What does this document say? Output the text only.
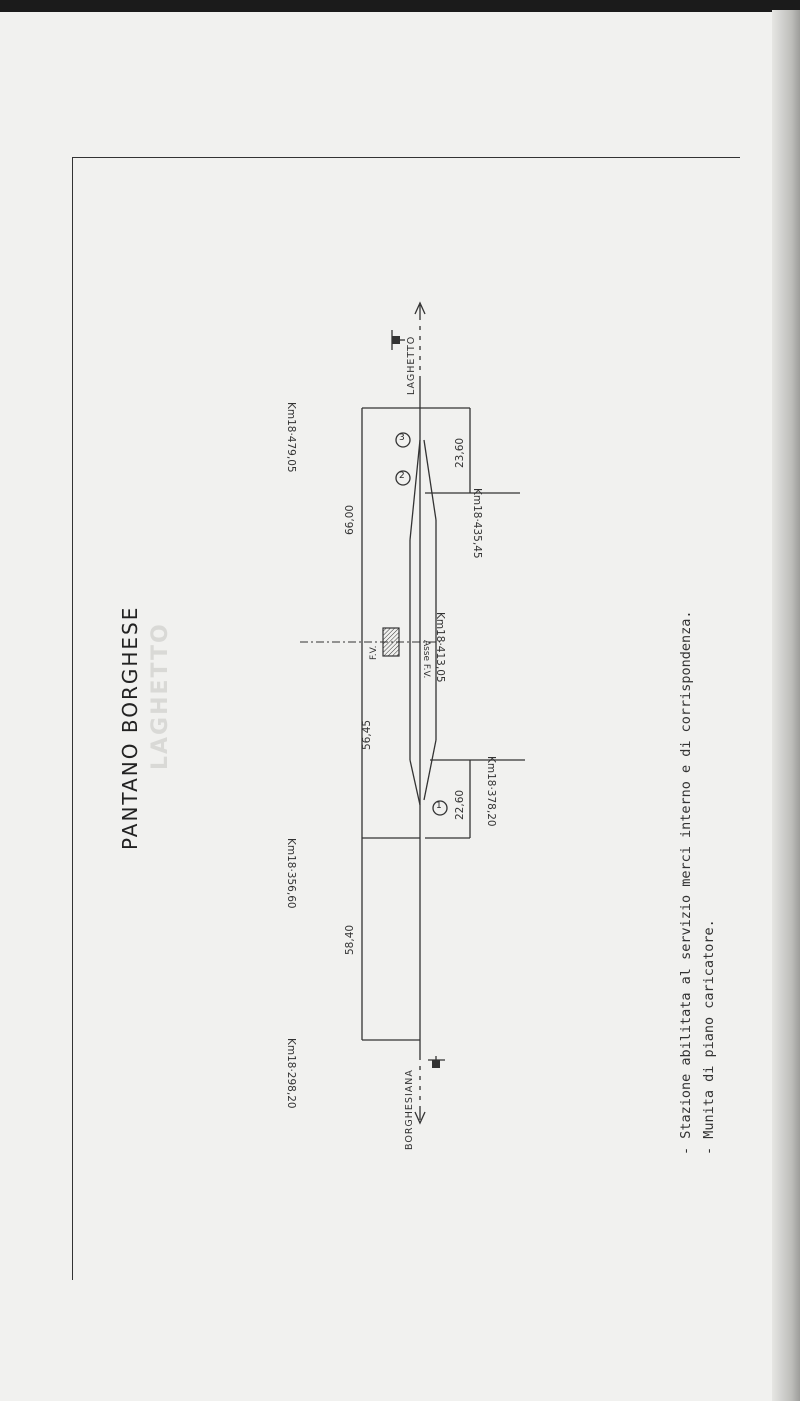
3
2
1
PANTANO BORGHESE LAGHETTO
LAGHETTO
BORGHESIANA
Km18·479,05
Km18·435,45
Km18·413,05
Km18·378,20
Km18·356,60
Km18·298,20
Asse F.V.
F.V.
23,60
66,00
56,45
22,60
58,40	- Stazione abilitata al servizio merci interno e di corrispondenza. - Munita di piano caricatore.
